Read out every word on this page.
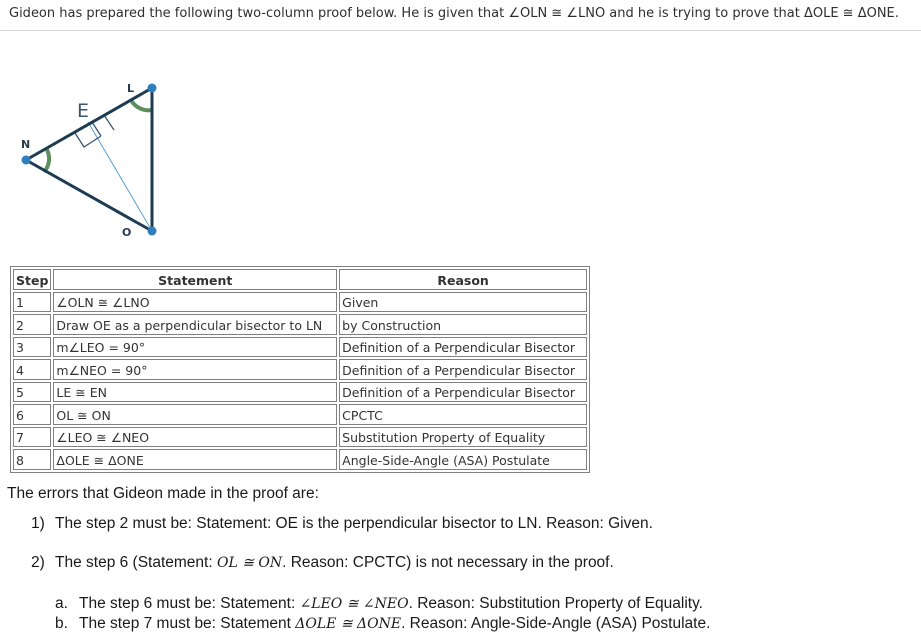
Gideon has prepared the following two-column proof below. He is given that ∠OLN ≅ ∠LNO and he is trying to prove that ΔOLE ≅ ΔONE.
N
L
O
E
Step	Statement	Reason
1	∠OLN ≅ ∠LNO	Given
2	Draw OE as a perpendicular bisector to LN	by Construction
3	m∠LEO = 90°	Definition of a Perpendicular Bisector
4	m∠NEO = 90°	Definition of a Perpendicular Bisector
5	LE ≅ EN	Definition of a Perpendicular Bisector
6	OL ≅ ON	CPCTC
7	∠LEO ≅ ∠NEO	Substitution Property of Equality
8	ΔOLE ≅ ΔONE	Angle-Side-Angle (ASA) Postulate
The errors that Gideon made in the proof are:
1) The step 2 must be: Statement: OE is the perpendicular bisector to LN. Reason: Given.
2) The step 6 (Statement: OL ≅ ON. Reason: CPCTC) is not necessary in the proof.
a. The step 6 must be: Statement: ∠LEO ≅ ∠NEO. Reason: Substitution Property of Equality.
b. The step 7 must be: Statement ΔOLE ≅ ΔONE. Reason: Angle-Side-Angle (ASA) Postulate.
